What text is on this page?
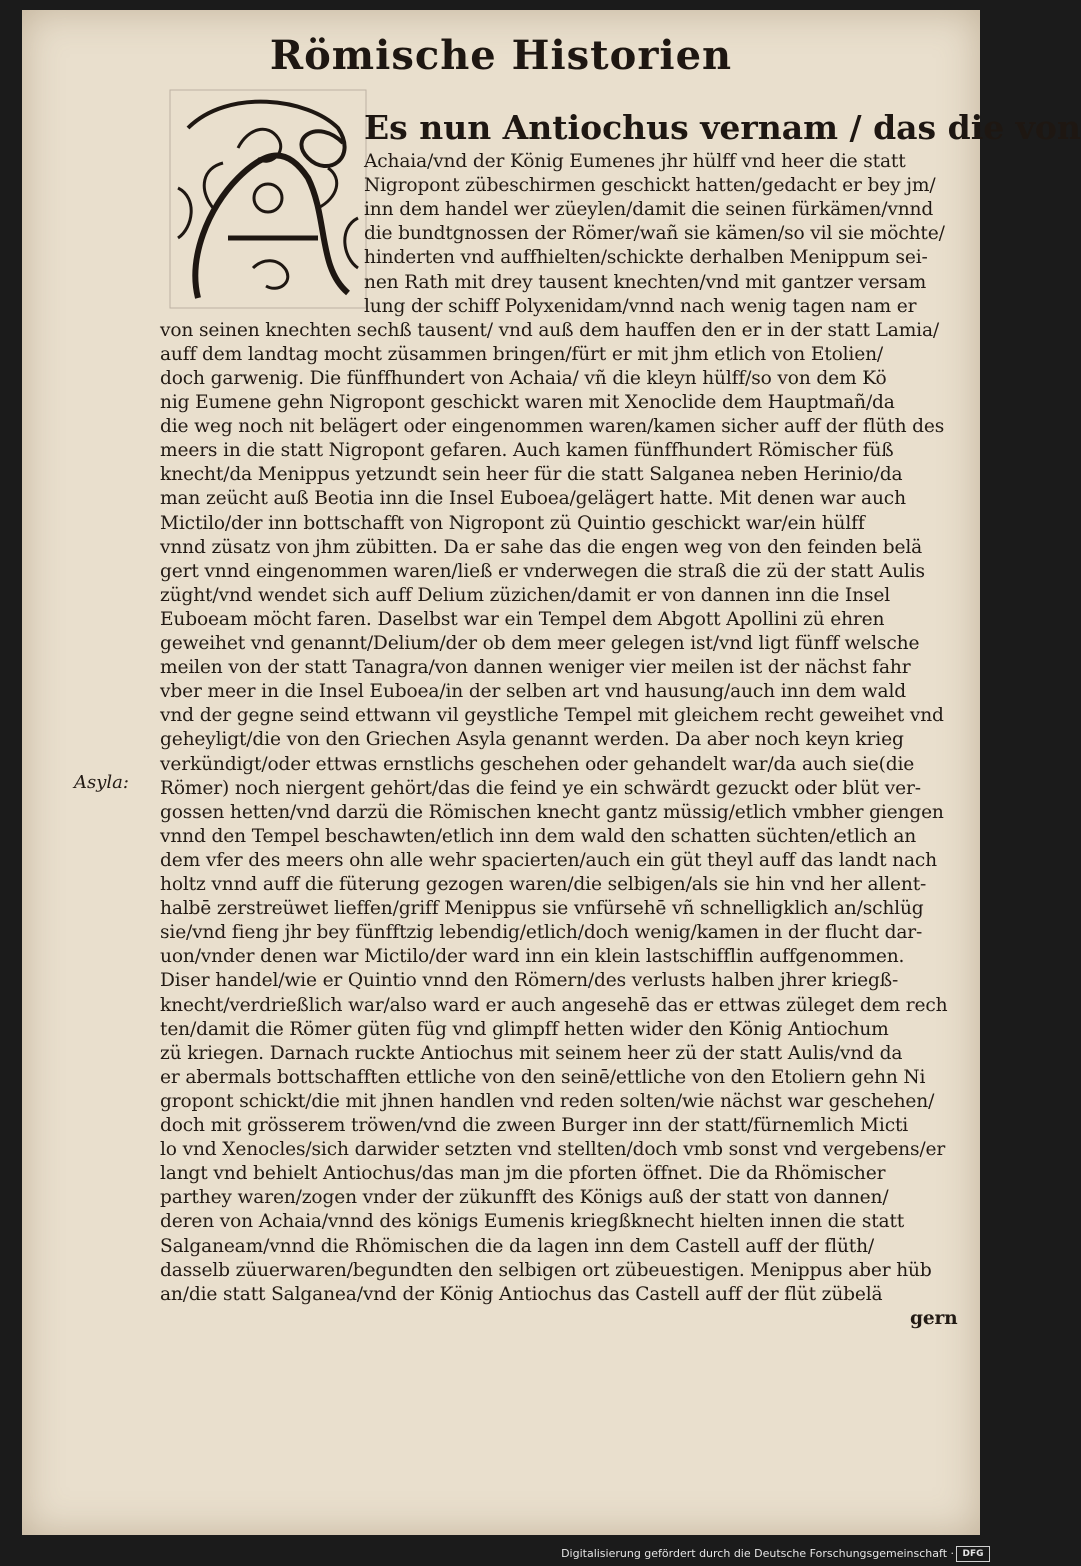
Römische Historien
Es nun Antiochus vernam / das die von
Achaia/vnd der König Eumenes jhr hülff vnd heer die statt
Nigropont zübeschirmen geschickt hatten/gedacht er bey jm/
inn dem handel wer züeylen/damit die seinen fürkämen/vnnd
die bundtgnossen der Römer/wañ sie kämen/so vil sie möchte/
hinderten vnd auffhielten/schickte derhalben Menippum sei-
nen Rath mit drey tausent knechten/vnd mit gantzer versam
lung der schiff Polyxenidam/vnnd nach wenig tagen nam er
von seinen knechten sechß tausent/ vnd auß dem hauffen den er in der statt Lamia/
auff dem landtag mocht züsammen bringen/fürt er mit jhm etlich von Etolien/
doch garwenig. Die fünffhundert von Achaia/ vñ die kleyn hülff/so von dem Kö
nig Eumene gehn Nigropont geschickt waren mit Xenoclide dem Hauptmañ/da
die weg noch nit belägert oder eingenommen waren/kamen sicher auff der flüth des
meers in die statt Nigropont gefaren. Auch kamen fünffhundert Römischer füß
knecht/da Menippus yetzundt sein heer für die statt Salganea neben Herinio/da
man zeücht auß Beotia inn die Insel Euboea/gelägert hatte. Mit denen war auch
Mictilo/der inn bottschafft von Nigropont zü Quintio geschickt war/ein hülff
vnnd züsatz von jhm zübitten. Da er sahe das die engen weg von den feinden belä
gert vnnd eingenommen waren/ließ er vnderwegen die straß die zü der statt Aulis
züght/vnd wendet sich auff Delium züzichen/damit er von dannen inn die Insel
Euboeam möcht faren. Daselbst war ein Tempel dem Abgott Apollini zü ehren
geweihet vnd genannt/Delium/der ob dem meer gelegen ist/vnd ligt fünff welsche
meilen von der statt Tanagra/von dannen weniger vier meilen ist der nächst fahr
vber meer in die Insel Euboea/in der selben art vnd hausung/auch inn dem wald
vnd der gegne seind ettwann vil geystliche Tempel mit gleichem recht geweihet vnd
geheyligt/die von den Griechen Asyla genannt werden. Da aber noch keyn krieg
verkündigt/oder ettwas ernstlichs geschehen oder gehandelt war/da auch sie(die
Römer) noch niergent gehört/das die feind ye ein schwärdt gezuckt oder blüt ver-
gossen hetten/vnd darzü die Römischen knecht gantz müssig/etlich vmbher giengen
vnnd den Tempel beschawten/etlich inn dem wald den schatten süchten/etlich an
dem vfer des meers ohn alle wehr spacierten/auch ein güt theyl auff das landt nach
holtz vnnd auff die füterung gezogen waren/die selbigen/als sie hin vnd her allent-
halbē zerstreüwet lieffen/griff Menippus sie vnfürsehē vñ schnelligklich an/schlüg
sie/vnd fieng jhr bey fünfftzig lebendig/etlich/doch wenig/kamen in der flucht dar-
uon/vnder denen war Mictilo/der ward inn ein klein lastschifflin auffgenommen.
Diser handel/wie er Quintio vnnd den Römern/des verlusts halben jhrer kriegß-
knecht/verdrießlich war/also ward er auch angesehē das er ettwas züleget dem rech
ten/damit die Römer güten füg vnd glimpff hetten wider den König Antiochum
zü kriegen. Darnach ruckte Antiochus mit seinem heer zü der statt Aulis/vnd da
er abermals bottschafften ettliche von den seinē/ettliche von den Etoliern gehn Ni
gropont schickt/die mit jhnen handlen vnd reden solten/wie nächst war geschehen/
doch mit grösserem tröwen/vnd die zween Burger inn der statt/fürnemlich Micti
lo vnd Xenocles/sich darwider setzten vnd stellten/doch vmb sonst vnd vergebens/er
langt vnd behielt Antiochus/das man jm die pforten öffnet. Die da Rhömischer
parthey waren/zogen vnder der zükunfft des Königs auß der statt von dannen/
deren von Achaia/vnnd des königs Eumenis kriegßknecht hielten innen die statt
Salganeam/vnnd die Rhömischen die da lagen inn dem Castell auff der flüth/
dasselb züuerwaren/begundten den selbigen ort zübeuestigen. Menippus aber hüb
an/die statt Salganea/vnd der König Antiochus das Castell auff der flüt zübelä
Asyla:
gern
Digitalisierung gefördert durch die Deutsche Forschungsgemeinschaft · DFG
